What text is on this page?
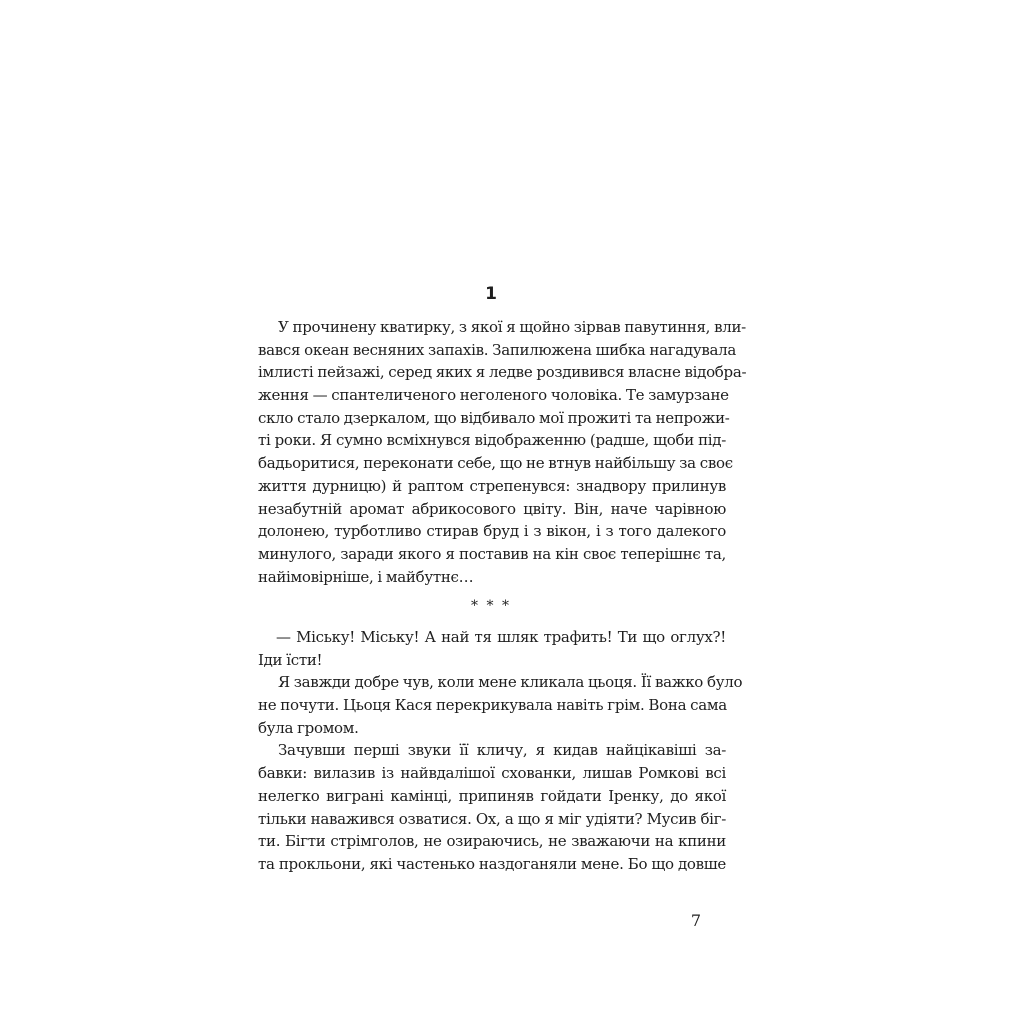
1
У прочинену кватирку, з якої я щойно зірвав павутиння, вли-
вався океан весняних запахів. Запилюжена шибка нагадувала
імлисті пейзажі, серед яких я ледве роздивився власне відобра-
ження — спантеличеного неголеного чоловіка. Те замурзане
скло стало дзеркалом, що відбивало мої прожиті та непрожи-
ті роки. Я сумно всміхнувся відображенню (радше, щоби під-
бадьоритися, переконати себе, що не втнув найбільшу за своє
життя дурницю) й раптом стрепенувся: знадвору прилинув
незабутній аромат абрикосового цвіту. Він, наче чарівною
долонею, турботливо стирав бруд і з вікон, і з того далекого
минулого, заради якого я поставив на кін своє теперішнє та,
найімовірніше, і майбутнє…
* * *
— Міську! Міську! А най тя шляк трафить! Ти що оглух?!
Іди їсти!
Я завжди добре чув, коли мене кликала цьоця. Її важко було
не почути. Цьоця Кася перекрикувала навіть грім. Вона сама
була громом.
Зачувши перші звуки її кличу, я кидав найцікавіші за-
бавки: вилазив із найвдалішої схованки, лишав Ромкові всі
нелегко виграні камінці, припиняв гойдати Іренку, до якої
тільки наважився озватися. Ох, а що я міг удіяти? Мусив біг-
ти. Бігти стрімголов, не озираючись, не зважаючи на кпини
та прокльони, які частенько наздоганяли мене. Бо що довше
7
